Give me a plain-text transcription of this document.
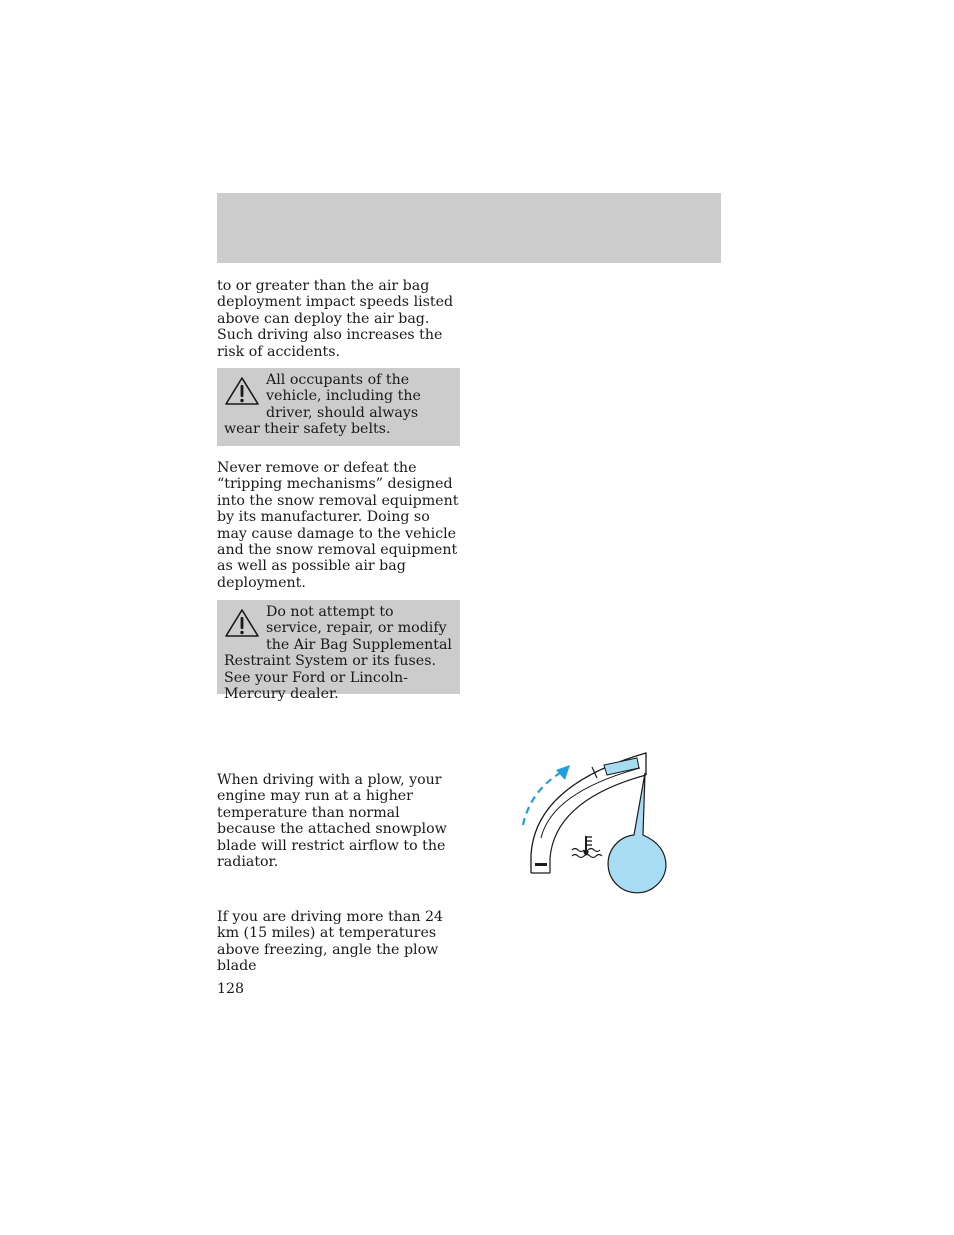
to or greater than the air bag deployment impact speeds listed above can deploy the air bag. Such driving also increases the risk of accidents.

All occupants of the vehicle, including the driver, should always wear their safety belts.

Never remove or defeat the “tripping mechanisms” designed into the snow removal equipment by its manufacturer. Doing so may cause damage to the vehicle and the snow removal equipment as well as possible air bag deployment.

Do not attempt to service, repair, or modify the Air Bag Supplemental Restraint System or its fuses. See your Ford or Lincoln-Mercury dealer.

When driving with a plow, your engine may run at a higher temperature than normal because the attached snowplow blade will restrict airflow to the radiator.

If you are driving more than 24 km (15 miles) at temperatures above freezing, angle the plow blade

128
